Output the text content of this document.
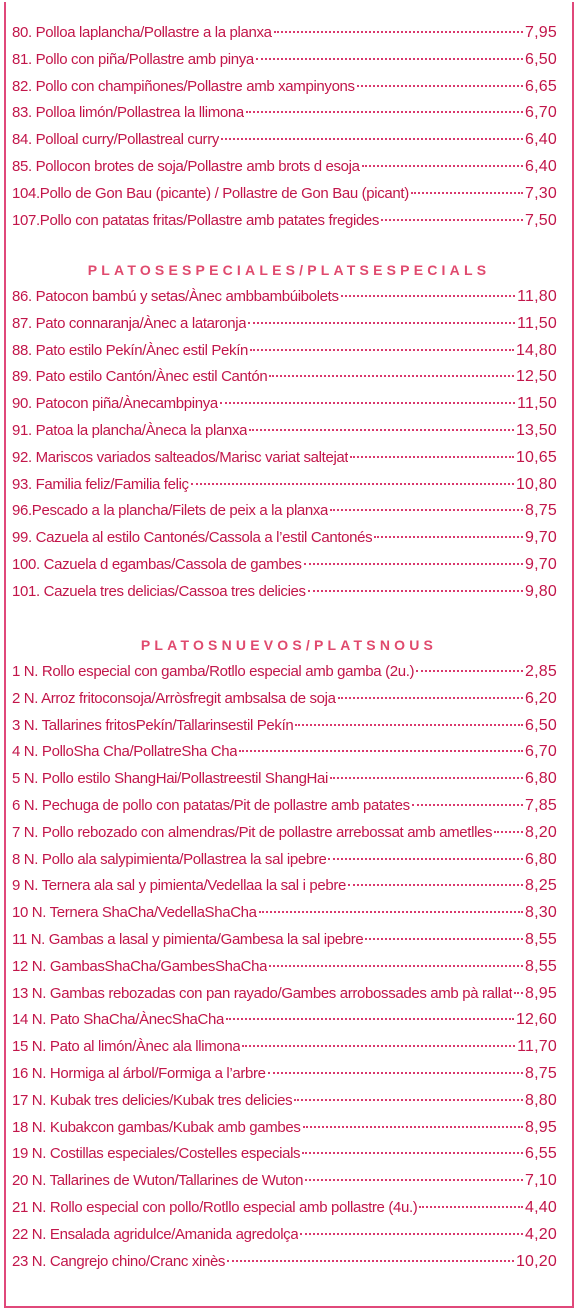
80. Polloa laplancha/Pollastre a la planxa	7,95
81. Pollo con piña/Pollastre amb pinya	6,50
82. Pollo con champiñones/Pollastre amb xampinyons	6,65
83. Polloa limón/Pollastrea la llimona	6,70
84. Polloal curry/Pollastreal curry	6,40
85. Pollocon brotes de soja/Pollastre amb brots d esoja	6,40
104.Pollo de Gon Bau (picante) / Pollastre de Gon Bau (picant)	7,30
107.Pollo con patatas fritas/Pollastre amb patates fregides	7,50
PLATOSESPECIALES/PLATSESPECIALS
86. Patocon bambú y setas/Ànec ambbambúibolets	11,80
87. Pato connaranja/Ànec a lataronja	11,50
88. Pato estilo Pekín/Ànec estil Pekín	14,80
89. Pato estilo Cantón/Ànec estil Cantón	12,50
90. Patocon piña/Ànecambpinya	11,50
91. Patoa la plancha/Àneca la planxa	13,50
92. Mariscos variados salteados/Marisc variat saltejat	10,65
93. Familia feliz/Familia feliç	10,80
96.Pescado a la plancha/Filets de peix a la planxa	8,75
99. Cazuela al estilo Cantonés/Cassola a l’estil Cantonés	9,70
100. Cazuela d egambas/Cassola de gambes	9,70
101. Cazuela tres delicias/Cassoa tres delicies	9,80
PLATOSNUEVOS/PLATSNOUS
1 N. Rollo especial con gamba/Rotllo especial amb gamba (2u.)	2,85
2 N. Arroz fritoconsoja/Arròsfregit ambsalsa de soja	6,20
3 N. Tallarines fritosPekín/Tallarinsestil Pekín	6,50
4 N. PolloSha Cha/PollatreSha Cha	6,70
5 N. Pollo estilo ShangHai/Pollastreestil ShangHai	6,80
6 N. Pechuga de pollo con patatas/Pit de pollastre amb patates	7,85
7 N. Pollo rebozado con almendras/Pit de pollastre arrebossat amb ametlles 8,20
8 N. Pollo ala salypimienta/Pollastrea la sal ipebre	6,80
9 N. Ternera ala sal y pimienta/Vedellaa la sal i pebre	8,25
10 N. Ternera ShaCha/VedellaShaCha	8,30
11 N. Gambas a lasal y pimienta/Gambesa la sal ipebre	8,55
12 N. GambasShaCha/GambesShaCha	8,55
13 N. Gambas rebozadas con pan rayado/Gambes arrobossades amb pà rallat 8,95
14 N. Pato ShaCha/ÀnecShaCha	12,60
15 N. Pato al limón/Ànec ala llimona	11,70
16 N. Hormiga al árbol/Formiga a l’arbre	8,75
17 N. Kubak tres delicies/Kubak tres delicies	8,80
18 N. Kubakcon gambas/Kubak amb gambes	8,95
19 N. Costillas especiales/Costelles especials	6,55
20 N. Tallarines de Wuton/Tallarines de Wuton	7,10
21 N. Rollo especial con pollo/Rotllo especial amb pollastre (4u.)	4,40
22 N. Ensalada agridulce/Amanida agredolça	4,20
23 N. Cangrejo chino/Cranc xinès	10,20
